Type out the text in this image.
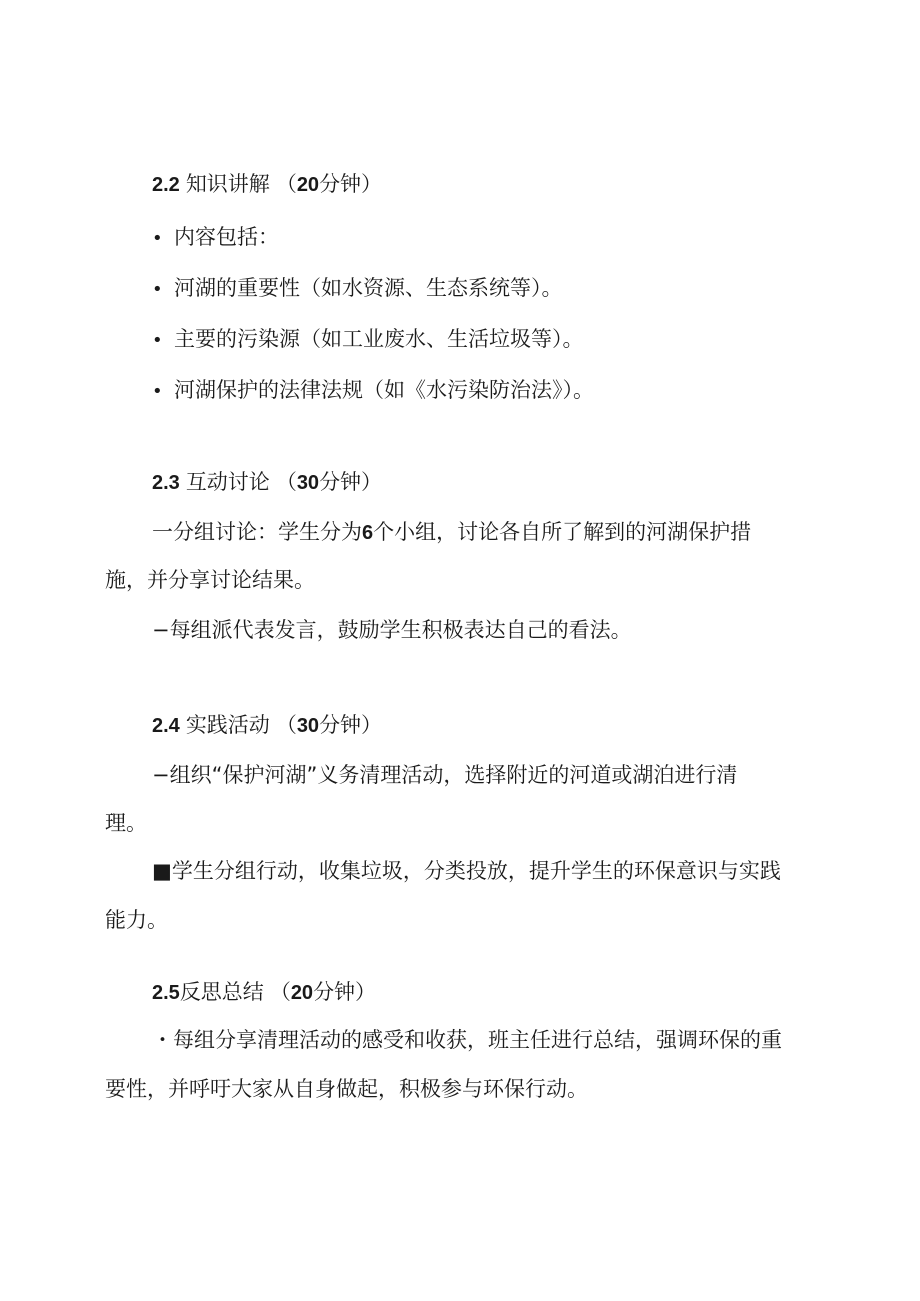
2.2 知识讲解 （20分钟）
• 内容包括：
• 河湖的重要性（如水资源、生态系统等）。
• 主要的污染源（如工业废水、生活垃圾等）。
• 河湖保护的法律法规（如《水污染防治法》）。
2.3 互动讨论 （30分钟）
一分组讨论：学生分为6个小组，讨论各自所了解到的河湖保护措
施，并分享讨论结果。
−每组派代表发言，鼓励学生积极表达自己的看法。
2.4 实践活动 （30分钟）
−组织“保护河湖”义务清理活动，选择附近的河道或湖泊进行清
理。
■学生分组行动，收集垃圾，分类投放，提升学生的环保意识与实践
能力。
2.5反思总结 （20分钟）
・每组分享清理活动的感受和收获，班主任进行总结，强调环保的重
要性，并呼吁大家从自身做起，积极参与环保行动。
